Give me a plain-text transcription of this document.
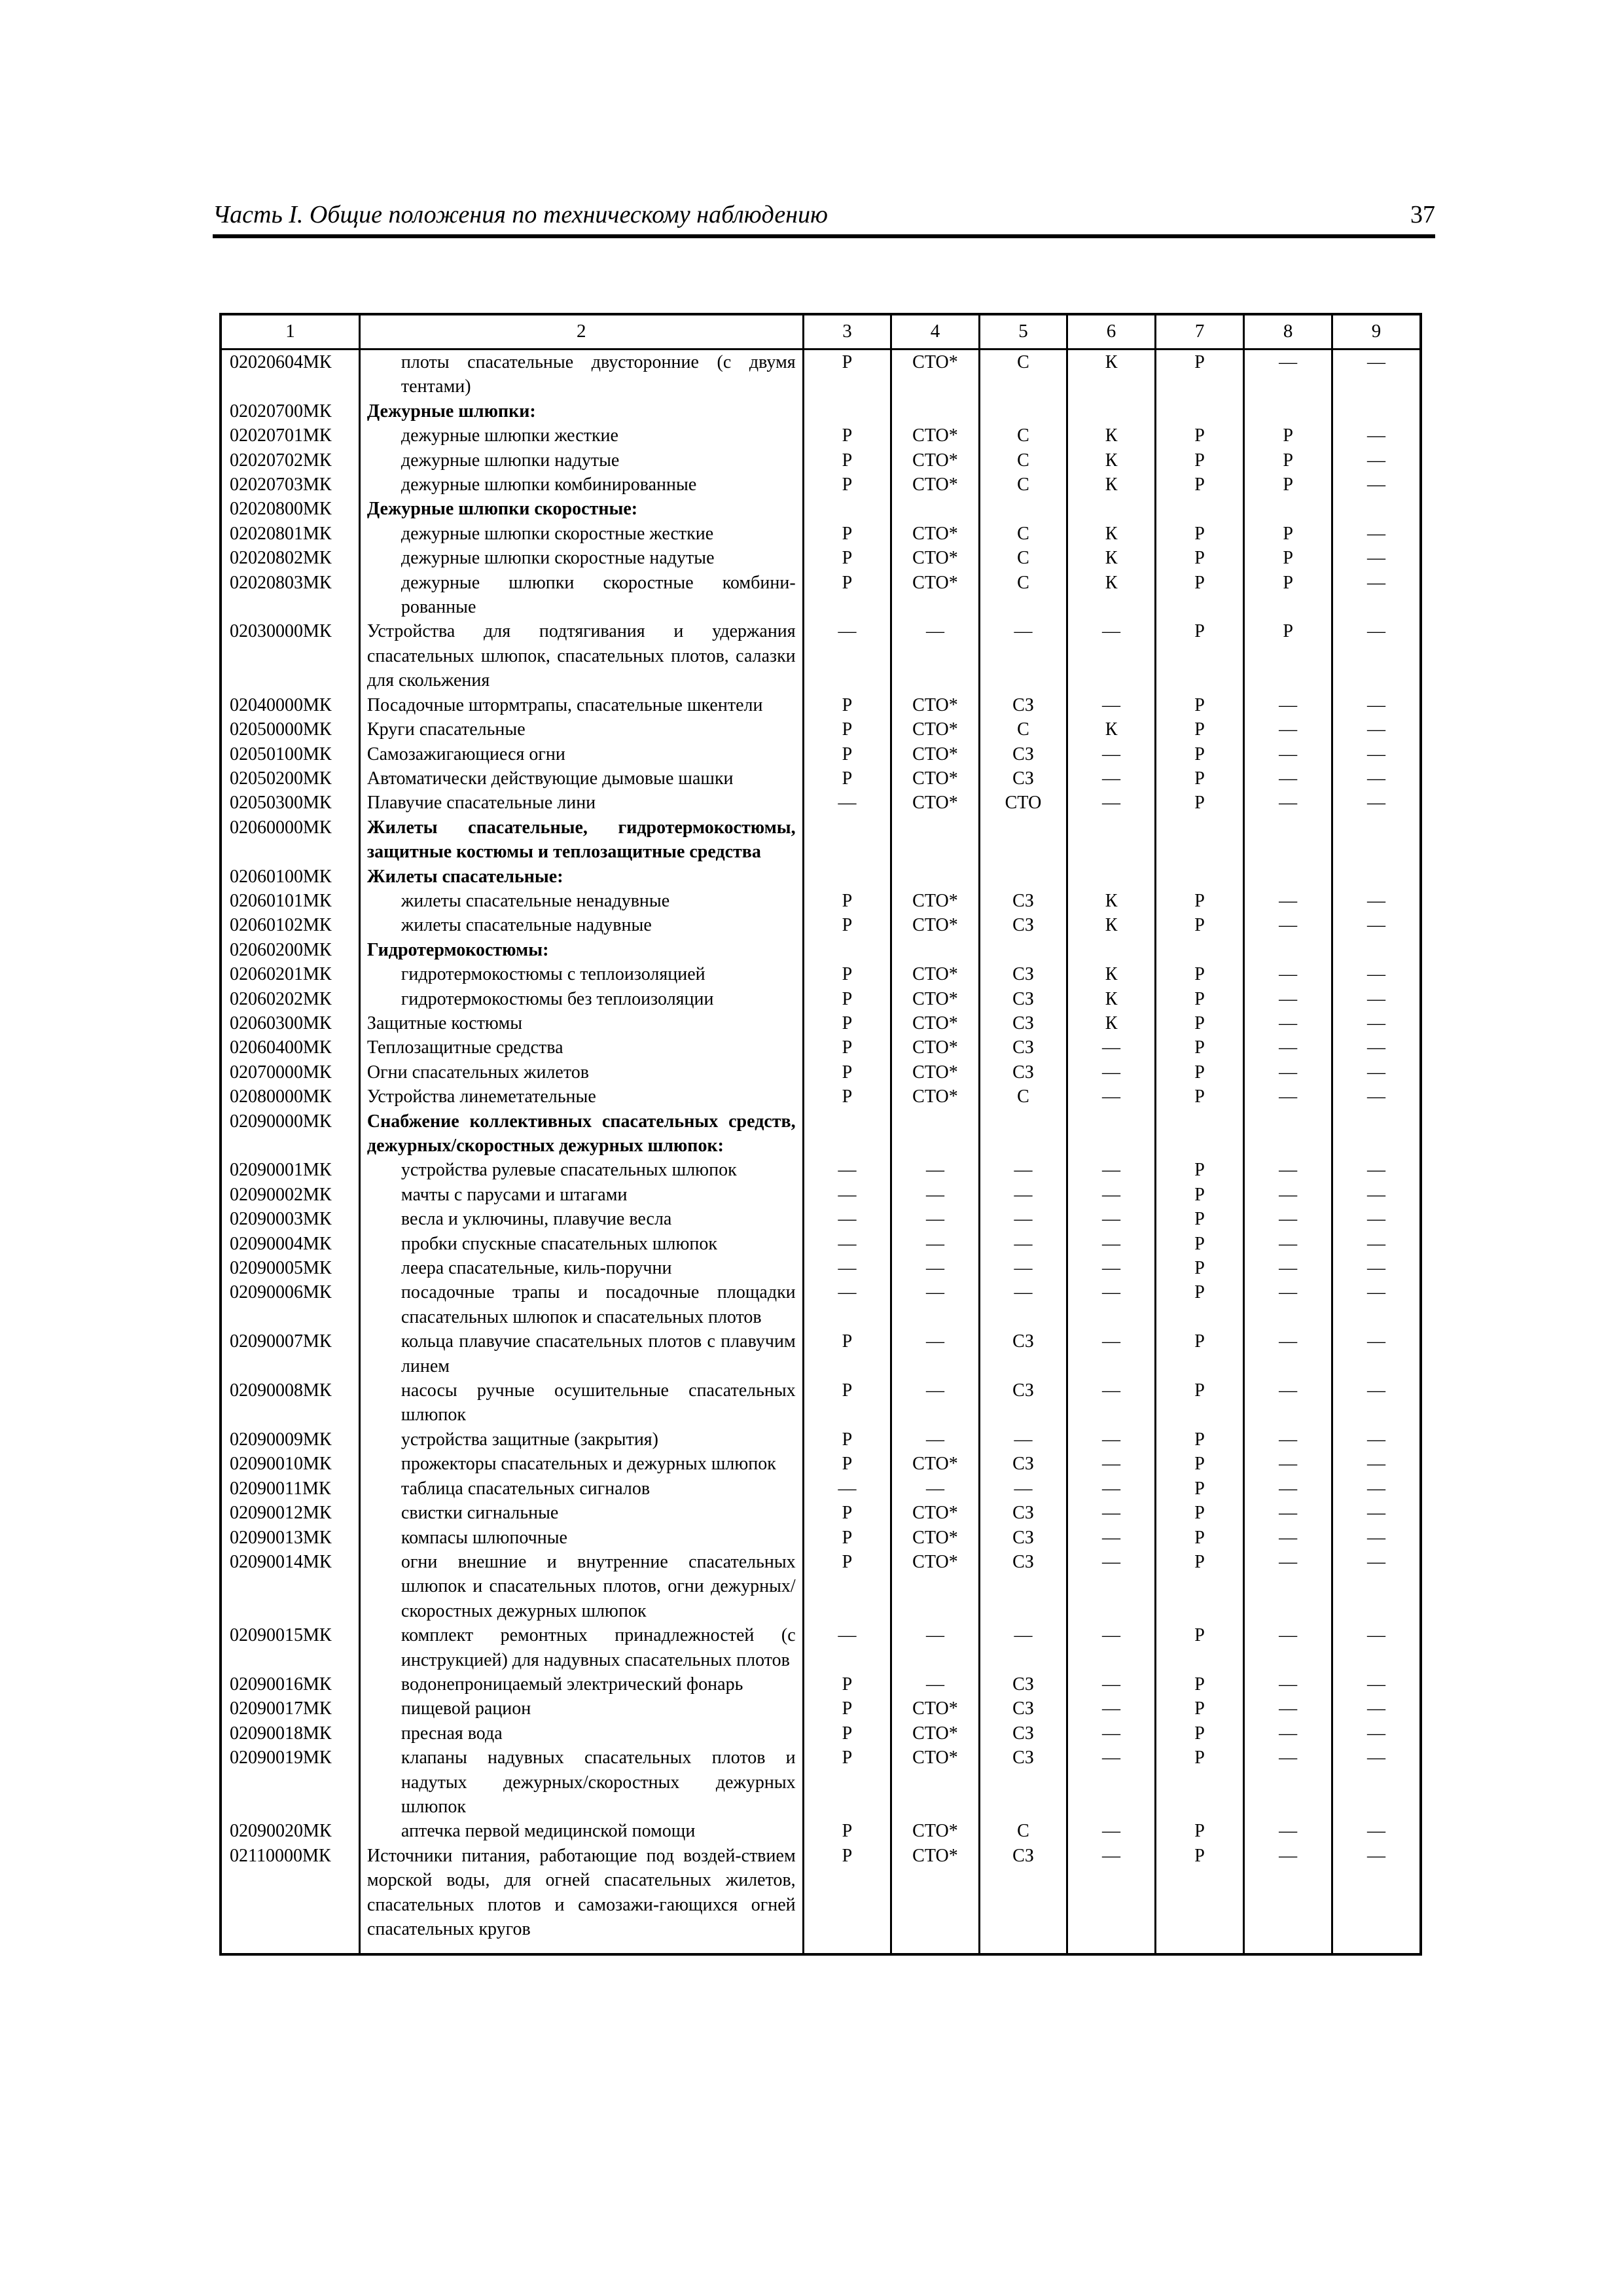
Часть I. Общие положения по техническому наблюдению	37
1	2	3	4	5	6	7	8	9
02020604МК	плоты спасательные двусторонние (с двумя тентами)	Р	СТО*	С	К	Р	—	—
02020700МК	Дежурные шлюпки:							
02020701МК	дежурные шлюпки жесткие	Р	СТО*	С	К	Р	Р	—
02020702МК	дежурные шлюпки надутые	Р	СТО*	С	К	Р	Р	—
02020703МК	дежурные шлюпки комбинированные	Р	СТО*	С	К	Р	Р	—
02020800МК	Дежурные шлюпки скоростные:							
02020801МК	дежурные шлюпки скоростные жесткие	Р	СТО*	С	К	Р	Р	—
02020802МК	дежурные шлюпки скоростные надутые	Р	СТО*	С	К	Р	Р	—
02020803МК	дежурные шлюпки скоростные комбини-рованные	Р	СТО*	С	К	Р	Р	—
02030000МК	Устройства для подтягивания и удержания спасательных шлюпок, спасательных плотов, салазки для скольжения	—	—	—	—	Р	Р	—
02040000МК	Посадочные штормтрапы, спасательные шкентели	Р	СТО*	СЗ	—	Р	—	—
02050000МК	Круги спасательные	Р	СТО*	С	К	Р	—	—
02050100МК	Самозажигающиеся огни	Р	СТО*	СЗ	—	Р	—	—
02050200МК	Автоматически действующие дымовые шашки	Р	СТО*	СЗ	—	Р	—	—
02050300МК	Плавучие спасательные лини	—	СТО*	СТО	—	Р	—	—
02060000МК	Жилеты спасательные, гидротермокостюмы, защитные костюмы и теплозащитные средства							
02060100МК	Жилеты спасательные:							
02060101МК	жилеты спасательные ненадувные	Р	СТО*	СЗ	К	Р	—	—
02060102МК	жилеты спасательные надувные	Р	СТО*	СЗ	К	Р	—	—
02060200МК	Гидротермокостюмы:							
02060201МК	гидротермокостюмы с теплоизоляцией	Р	СТО*	СЗ	К	Р	—	—
02060202МК	гидротермокостюмы без теплоизоляции	Р	СТО*	СЗ	К	Р	—	—
02060300МК	Защитные костюмы	Р	СТО*	СЗ	К	Р	—	—
02060400МК	Теплозащитные средства	Р	СТО*	СЗ	—	Р	—	—
02070000МК	Огни спасательных жилетов	Р	СТО*	СЗ	—	Р	—	—
02080000МК	Устройства линеметательные	Р	СТО*	С	—	Р	—	—
02090000МК	Снабжение коллективных спасательных средств, дежурных/скоростных дежурных шлюпок:							
02090001МК	устройства рулевые спасательных шлюпок	—	—	—	—	Р	—	—
02090002МК	мачты с парусами и штагами	—	—	—	—	Р	—	—
02090003МК	весла и уключины, плавучие весла	—	—	—	—	Р	—	—
02090004МК	пробки спускные спасательных шлюпок	—	—	—	—	Р	—	—
02090005МК	леера спасательные, киль-поручни	—	—	—	—	Р	—	—
02090006МК	посадочные трапы и посадочные площадки спасательных шлюпок и спасательных плотов	—	—	—	—	Р	—	—
02090007МК	кольца плавучие спасательных плотов с плавучим линем	Р	—	СЗ	—	Р	—	—
02090008МК	насосы ручные осушительные спасательных шлюпок	Р	—	СЗ	—	Р	—	—
02090009МК	устройства защитные (закрытия)	Р	—	—	—	Р	—	—
02090010МК	прожекторы спасательных и дежурных шлюпок	Р	СТО*	СЗ	—	Р	—	—
02090011МК	таблица спасательных сигналов	—	—	—	—	Р	—	—
02090012МК	свистки сигнальные	Р	СТО*	СЗ	—	Р	—	—
02090013МК	компасы шлюпочные	Р	СТО*	СЗ	—	Р	—	—
02090014МК	огни внешние и внутренние спасательных шлюпок и спасательных плотов, огни дежурных/скоростных дежурных шлюпок	Р	СТО*	СЗ	—	Р	—	—
02090015МК	комплект ремонтных принадлежностей (с инструкцией) для надувных спасательных плотов	—	—	—	—	Р	—	—
02090016МК	водонепроницаемый электрический фонарь	Р	—	СЗ	—	Р	—	—
02090017МК	пищевой рацион	Р	СТО*	СЗ	—	Р	—	—
02090018МК	пресная вода	Р	СТО*	СЗ	—	Р	—	—
02090019МК	клапаны надувных спасательных плотов и надутых дежурных/скоростных дежурных шлюпок	Р	СТО*	СЗ	—	Р	—	—
02090020МК	аптечка первой медицинской помощи	Р	СТО*	С	—	Р	—	—
02110000МК	Источники питания, работающие под воздей-ствием морской воды, для огней спасательных жилетов, спасательных плотов и самозажи-гающихся огней спасательных кругов	Р	СТО*	СЗ	—	Р	—	—
